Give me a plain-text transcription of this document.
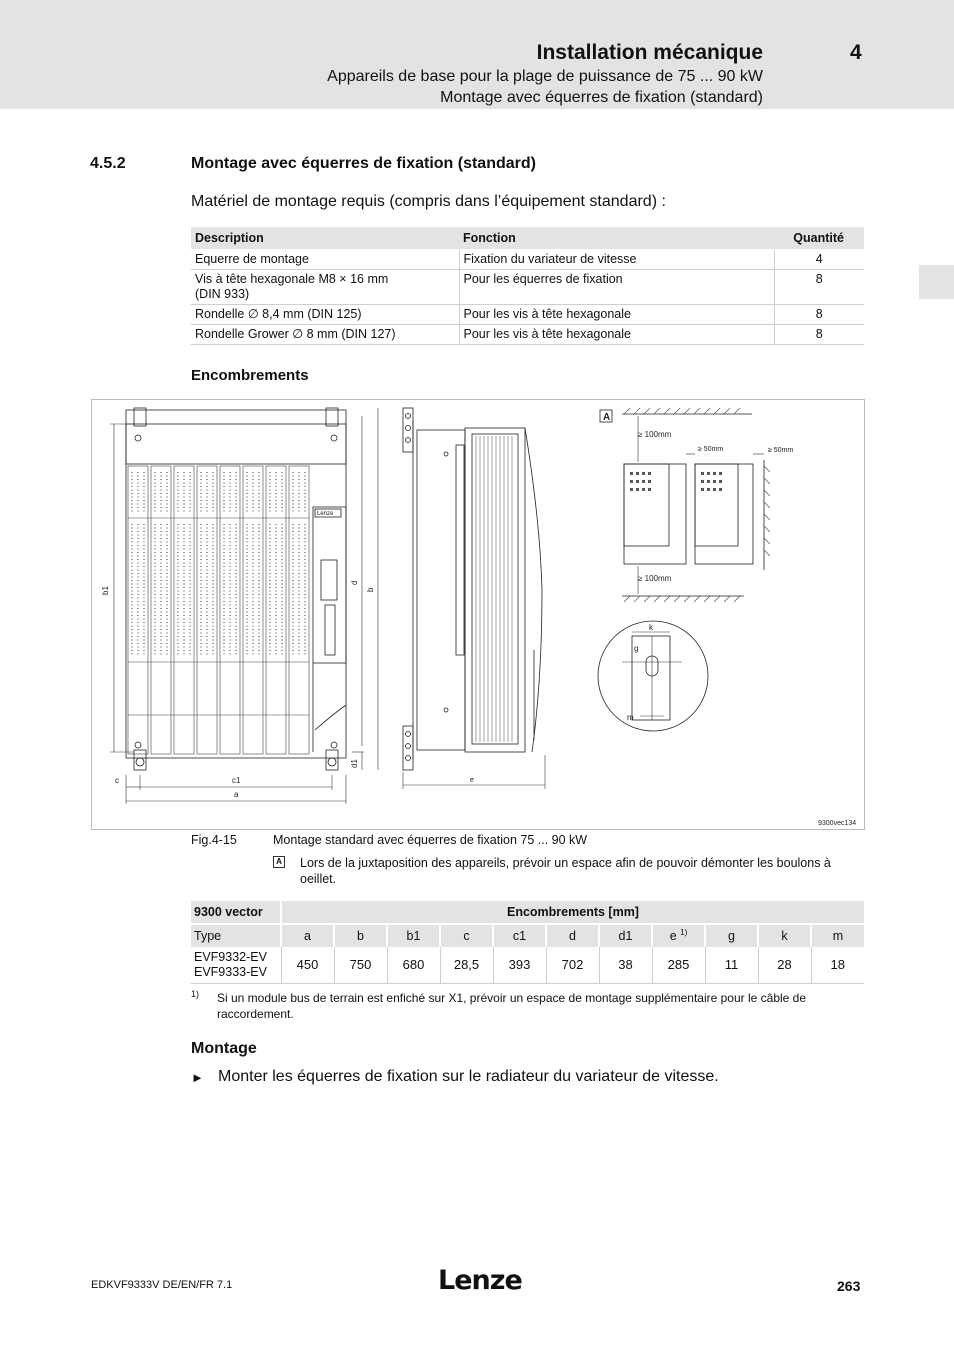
Installation mécanique	4
Appareils de base pour la plage de puissance de 75 ... 90 kW
Montage avec équerres de fixation (standard)
4.5.2	Montage avec équerres de fixation (standard)
Matériel de montage requis (compris dans l’équipement standard) :
Description	Fonction	Quantité
Equerre de montage	Fixation du variateur de vitesse	4
Vis à tête hexagonale M8 × 16 mm
(DIN 933)	Pour les équerres de fixation	8
Rondelle ∅ 8,4 mm (DIN 125)	Pour les vis à tête hexagonale	8
Rondelle Grower ∅ 8 mm (DIN 127)	Pour les vis à tête hexagonale	8
Encombrements
Lenze
b1
d
b
d1
c	c1
a
e
A
≥ 100mm
≥ 100mm
≥ 50mm	≥ 50mm
k
g
m
9300vec134
Fig.4-15	Montage standard avec équerres de fixation 75 ... 90 kW
A Lors de la juxtaposition des appareils, prévoir un espace afin de pouvoir démonter les boulons à oeillet.
9300 vector	Encombrements [mm]										
Type	a	b	b1	c	c1	d	d1	e $^{1)}$	g	k	m
EVF9332-EV
EVF9333-EV	450	750	680	28,5	393	702	38	285	11	28	18
1) Si un module bus de terrain est enfiché sur X1, prévoir un espace de montage supplémentaire pour le câble de raccordement.
Montage
► Monter les équerres de fixation sur le radiateur du variateur de vitesse.
EDKVF9333V DE/EN/FR 7.1	Lenze	263
